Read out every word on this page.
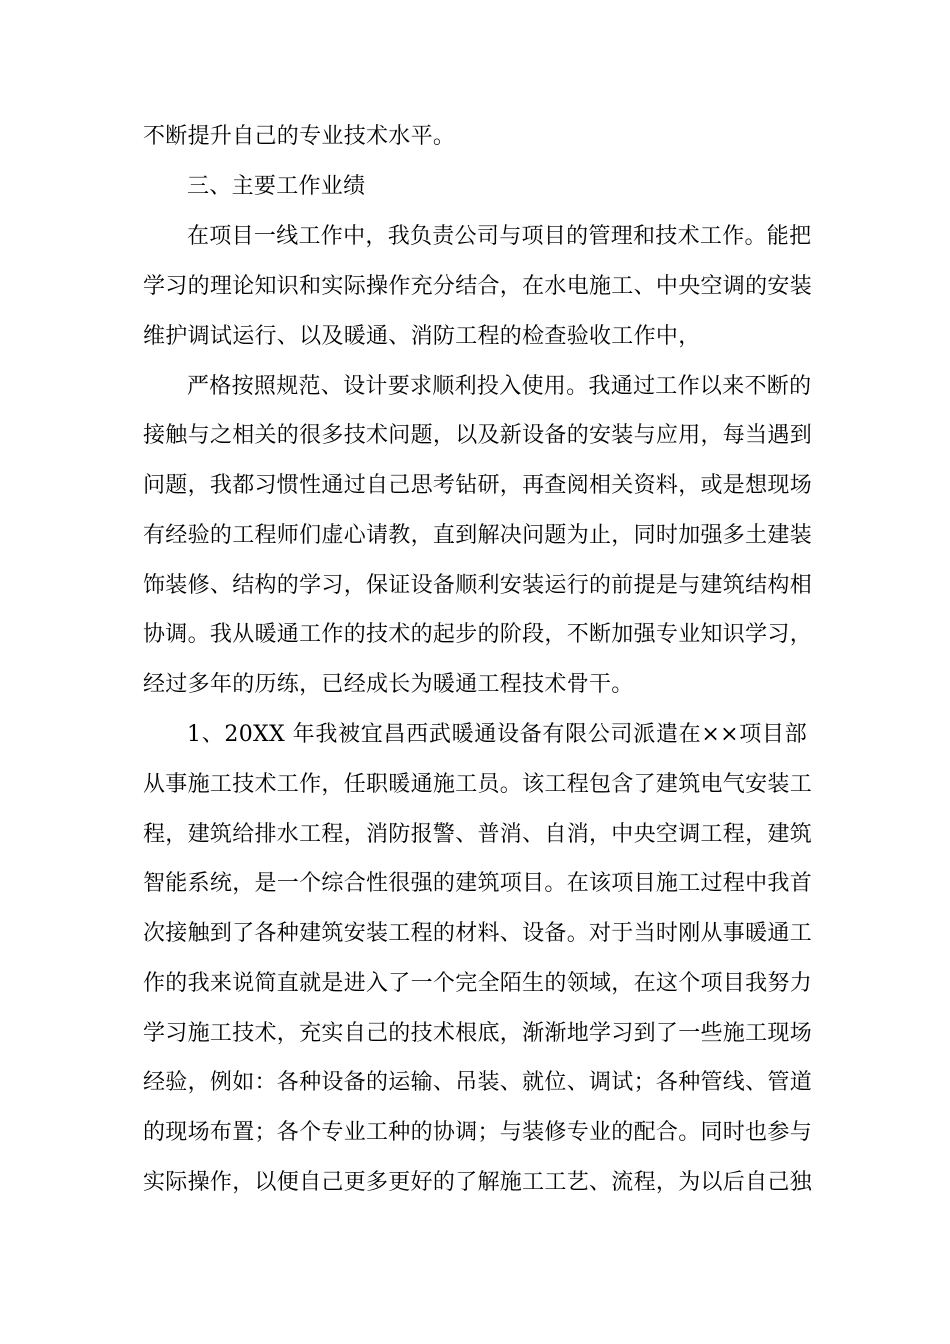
不断提升自己的专业技术水平。
三、主要工作业绩
在项目一线工作中，我负责公司与项目的管理和技术工作。能把
学习的理论知识和实际操作充分结合，在水电施工、中央空调的安装
维护调试运行、以及暖通、消防工程的检查验收工作中，
严格按照规范、设计要求顺利投入使用。我通过工作以来不断的
接触与之相关的很多技术问题，以及新设备的安装与应用，每当遇到
问题，我都习惯性通过自己思考钻研，再查阅相关资料，或是想现场
有经验的工程师们虚心请教，直到解决问题为止，同时加强多土建装
饰装修、结构的学习，保证设备顺利安装运行的前提是与建筑结构相
协调。我从暖通工作的技术的起步的阶段，不断加强专业知识学习，
经过多年的历练，已经成长为暖通工程技术骨干。
1、20XX 年我被宜昌西武暖通设备有限公司派遣在××项目部
从事施工技术工作，任职暖通施工员。该工程包含了建筑电气安装工
程，建筑给排水工程，消防报警、普消、自消，中央空调工程，建筑
智能系统，是一个综合性很强的建筑项目。在该项目施工过程中我首
次接触到了各种建筑安装工程的材料、设备。对于当时刚从事暖通工
作的我来说简直就是进入了一个完全陌生的领域，在这个项目我努力
学习施工技术，充实自己的技术根底，渐渐地学习到了一些施工现场
经验，例如：各种设备的运输、吊装、就位、调试；各种管线、管道
的现场布置；各个专业工种的协调；与装修专业的配合。同时也参与
实际操作，以便自己更多更好的了解施工工艺、流程，为以后自己独
